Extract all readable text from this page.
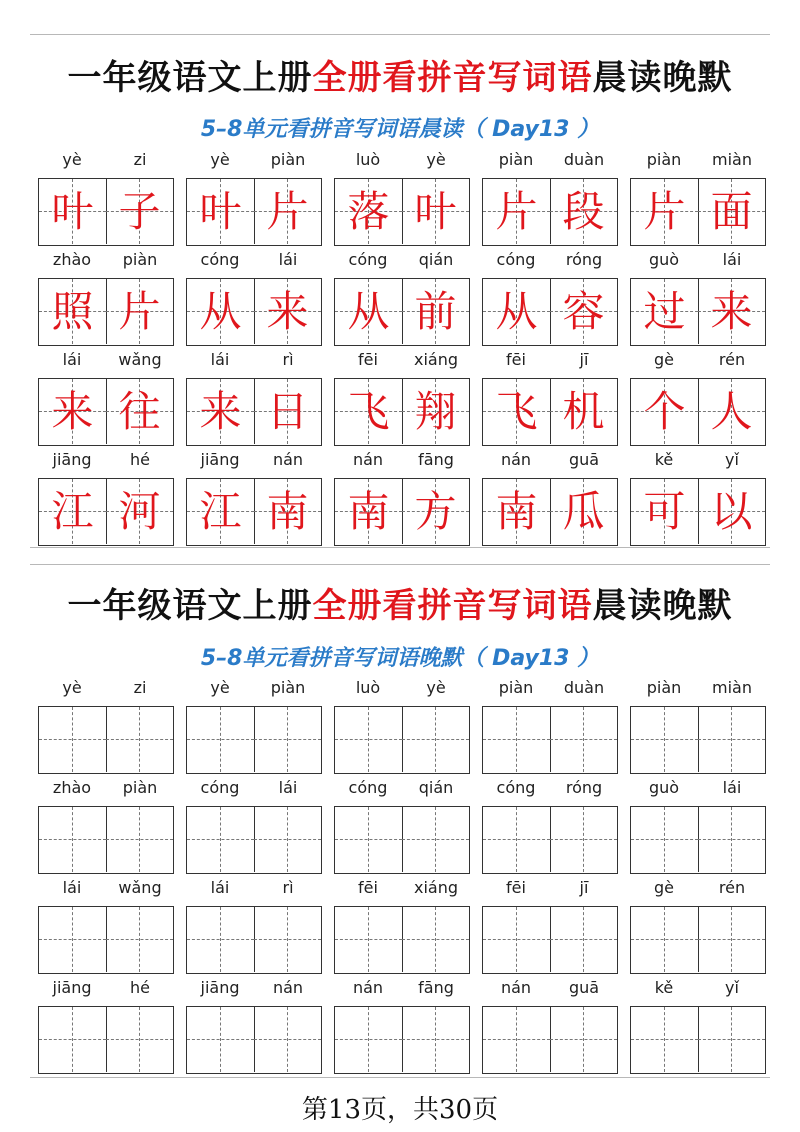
一年级语文上册全册看拼音写词语晨读晚默
5–8单元看拼音写词语晨读（ Day13 ）
yè	zi
叶 子
yè	piàn
叶 片
luò	yè
落 叶
piàn	duàn
片 段
piàn	miàn
片 面
zhào	piàn
照 片
cóng	lái
从 来
cóng	qián
从 前
cóng	róng
从 容
guò	lái
过 来
lái	wǎng
来 往
lái	rì
来 日
fēi	xiáng
飞 翔
fēi	jī
飞 机
gè	rén
个 人
jiāng	hé
江 河
jiāng	nán
江 南
nán	fāng
南 方
nán	guā
南 瓜
kě	yǐ
可 以
一年级语文上册全册看拼音写词语晨读晚默
5–8单元看拼音写词语晚默（ Day13 ）
yè	zi	yè	piàn	luò	yè	piàn	duàn	piàn	miàn
zhào	piàn	cóng	lái	cóng	qián	cóng	róng	guò	lái
lái	wǎng	lái	rì	fēi	xiáng	fēi	jī	gè	rén
jiāng	hé	jiāng	nán	nán	fāng	nán	guā	kě	yǐ
第13页，共30页
